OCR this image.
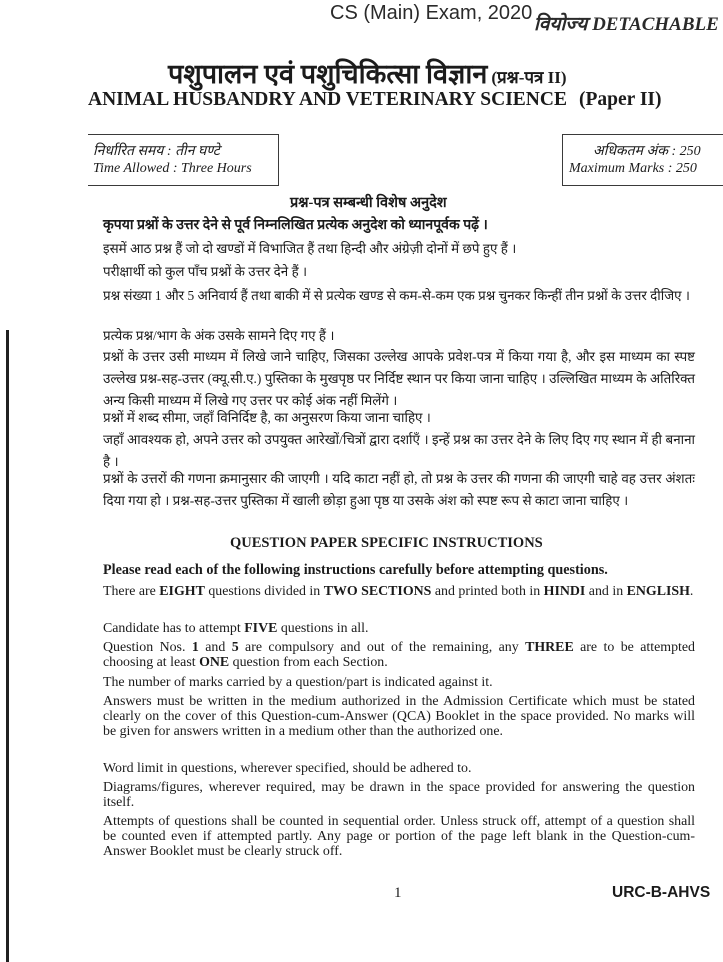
CS (Main) Exam, 2020
वियोज्य DETACHABLE
पशुपालन एवं पशुचिकित्सा विज्ञान (प्रश्न-पत्र II)
ANIMAL HUSBANDRY AND VETERINARY SCIENCE (Paper II)
निर्धारित समय : तीन घण्टे
Time Allowed : Three Hours
अधिकतम अंक : 250
Maximum Marks : 250
प्रश्न-पत्र सम्बन्धी विशेष अनुदेश
कृपया प्रश्नों के उत्तर देने से पूर्व निम्नलिखित प्रत्येक अनुदेश को ध्यानपूर्वक पढ़ें ।
इसमें आठ प्रश्न हैं जो दो खण्डों में विभाजित हैं तथा हिन्दी और अंग्रेज़ी दोनों में छपे हुए हैं ।
परीक्षार्थी को कुल पाँच प्रश्नों के उत्तर देने हैं ।
प्रश्न संख्या 1 और 5 अनिवार्य हैं तथा बाकी में से प्रत्येक खण्ड से कम-से-कम एक प्रश्न चुनकर किन्हीं तीन प्रश्नों के उत्तर दीजिए ।
प्रत्येक प्रश्न/भाग के अंक उसके सामने दिए गए हैं ।
प्रश्नों के उत्तर उसी माध्यम में लिखे जाने चाहिए, जिसका उल्लेख आपके प्रवेश-पत्र में किया गया है, और इस माध्यम का स्पष्ट उल्लेख प्रश्न-सह-उत्तर (क्यू.सी.ए.) पुस्तिका के मुखपृष्ठ पर निर्दिष्ट स्थान पर किया जाना चाहिए । उल्लिखित माध्यम के अतिरिक्त अन्य किसी माध्यम में लिखे गए उत्तर पर कोई अंक नहीं मिलेंगे ।
प्रश्नों में शब्द सीमा, जहाँ विनिर्दिष्ट है, का अनुसरण किया जाना चाहिए ।
जहाँ आवश्यक हो, अपने उत्तर को उपयुक्त आरेखों/चित्रों द्वारा दर्शाएँ । इन्हें प्रश्न का उत्तर देने के लिए दिए गए स्थान में ही बनाना है ।
प्रश्नों के उत्तरों की गणना क्रमानुसार की जाएगी । यदि काटा नहीं हो, तो प्रश्न के उत्तर की गणना की जाएगी चाहे वह उत्तर अंशतः दिया गया हो । प्रश्न-सह-उत्तर पुस्तिका में खाली छोड़ा हुआ पृष्ठ या उसके अंश को स्पष्ट रूप से काटा जाना चाहिए ।
QUESTION PAPER SPECIFIC INSTRUCTIONS
Please read each of the following instructions carefully before attempting questions.
There are EIGHT questions divided in TWO SECTIONS and printed both in HINDI and in ENGLISH.
Candidate has to attempt FIVE questions in all.
Question Nos. 1 and 5 are compulsory and out of the remaining, any THREE are to be attempted choosing at least ONE question from each Section.
The number of marks carried by a question/part is indicated against it.
Answers must be written in the medium authorized in the Admission Certificate which must be stated clearly on the cover of this Question-cum-Answer (QCA) Booklet in the space provided. No marks will be given for answers written in a medium other than the authorized one.
Word limit in questions, wherever specified, should be adhered to.
Diagrams/figures, wherever required, may be drawn in the space provided for answering the question itself.
Attempts of questions shall be counted in sequential order. Unless struck off, attempt of a question shall be counted even if attempted partly. Any page or portion of the page left blank in the Question-cum-Answer Booklet must be clearly struck off.
1	URC-B-AHVS
